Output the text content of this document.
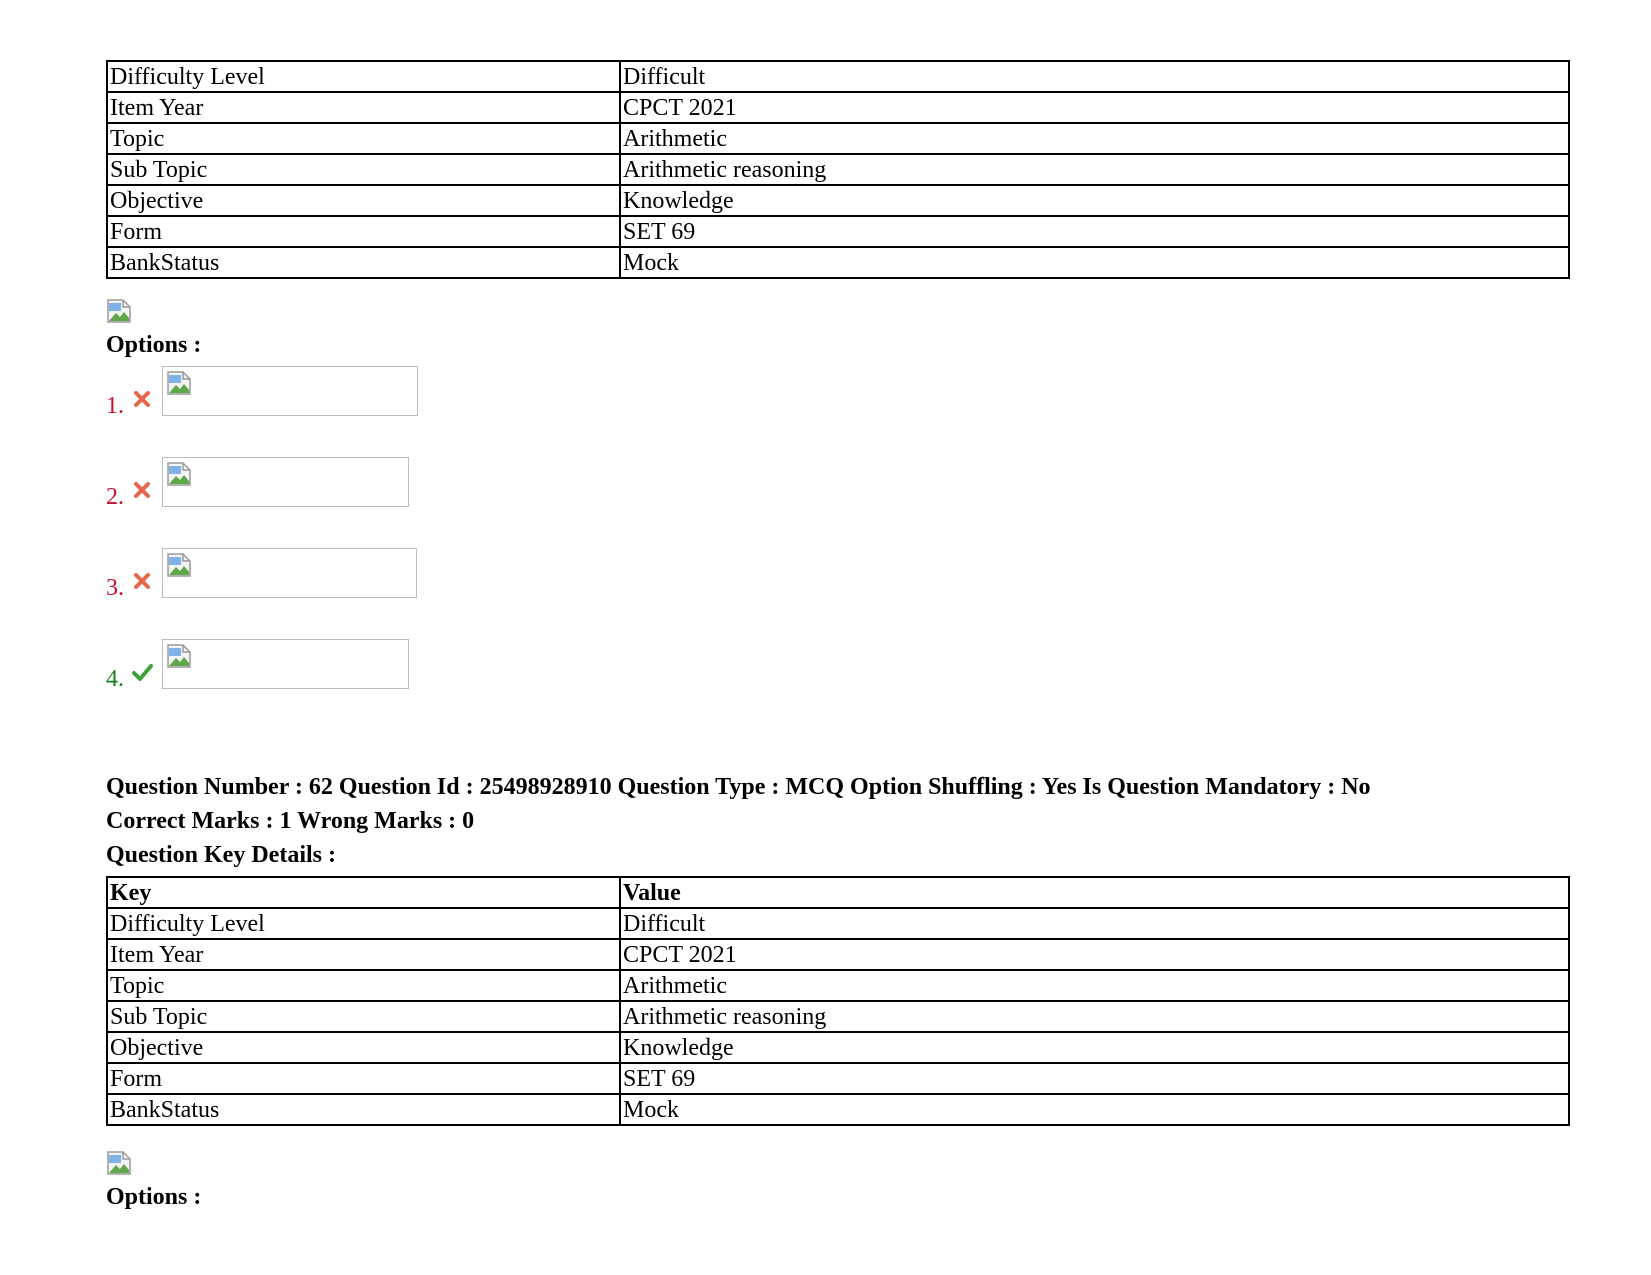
Difficulty Level	Difficult
Item Year	CPCT 2021
Topic	Arithmetic
Sub Topic	Arithmetic reasoning
Objective	Knowledge
Form	SET 69
BankStatus	Mock
Options :
1.
2.
3.
4.
Question Number : 62 Question Id : 25498928910 Question Type : MCQ Option Shuffling : Yes Is Question Mandatory : No
Correct Marks : 1 Wrong Marks : 0
Question Key Details :
Key	Value
Difficulty Level	Difficult
Item Year	CPCT 2021
Topic	Arithmetic
Sub Topic	Arithmetic reasoning
Objective	Knowledge
Form	SET 69
BankStatus	Mock
Options :
